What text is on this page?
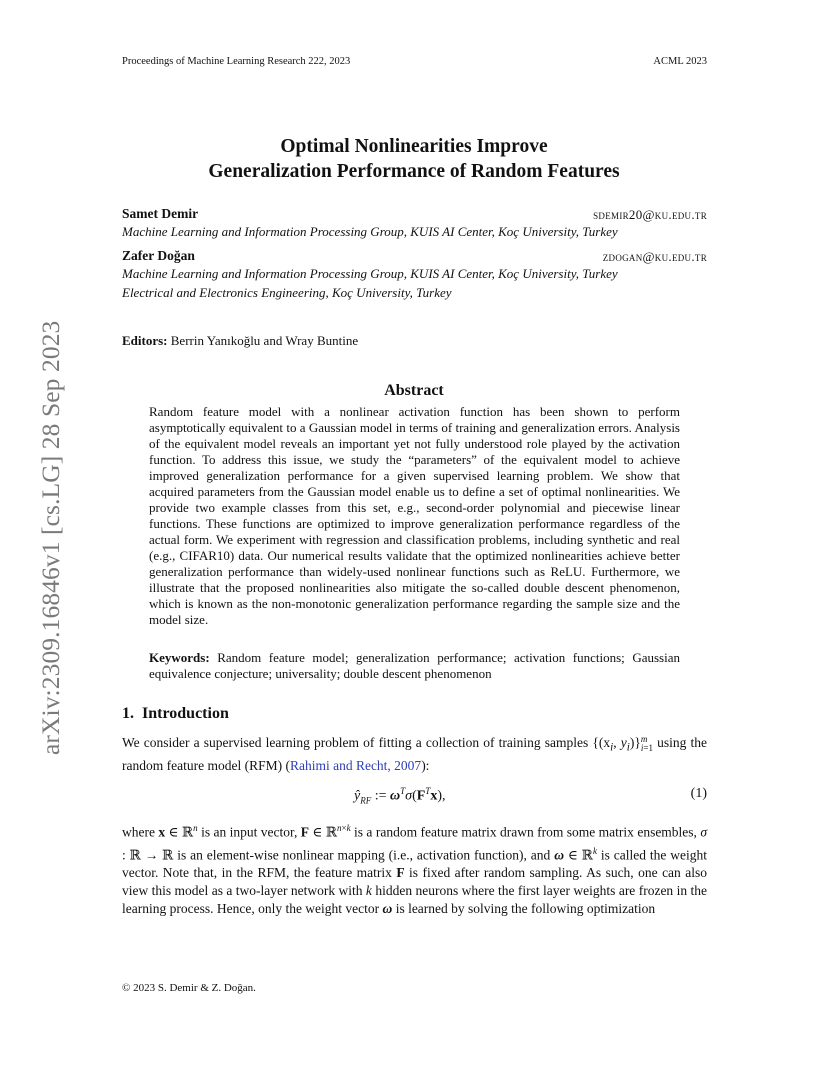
Proceedings of Machine Learning Research 222, 2023	ACML 2023
arXiv:2309.16846v1 [cs.LG] 28 Sep 2023
Optimal Nonlinearities Improve
Generalization Performance of Random Features
Samet Demir	sdemir20@ku.edu.tr
Machine Learning and Information Processing Group, KUIS AI Center, Koç University, Turkey
Zafer Doğan	zdogan@ku.edu.tr
Machine Learning and Information Processing Group, KUIS AI Center, Koç University, Turkey
Electrical and Electronics Engineering, Koç University, Turkey
Editors: Berrin Yanıkoğlu and Wray Buntine
Abstract
Random feature model with a nonlinear activation function has been shown to perform asymptotically equivalent to a Gaussian model in terms of training and generalization errors. Analysis of the equivalent model reveals an important yet not fully understood role played by the activation function. To address this issue, we study the “parameters” of the equivalent model to achieve improved generalization performance for a given supervised learning problem. We show that acquired parameters from the Gaussian model enable us to define a set of optimal nonlinearities. We provide two example classes from this set, e.g., second-order polynomial and piecewise linear functions. These functions are optimized to improve generalization performance regardless of the actual form. We experiment with regression and classification problems, including synthetic and real (e.g., CIFAR10) data. Our numerical results validate that the optimized nonlinearities achieve better generalization performance than widely-used nonlinear functions such as ReLU. Furthermore, we illustrate that the proposed nonlinearities also mitigate the so-called double descent phenomenon, which is known as the non-monotonic generalization performance regarding the sample size and the model size.
Keywords: Random feature model; generalization performance; activation functions; Gaussian equivalence conjecture; universality; double descent phenomenon
1. Introduction
We consider a supervised learning problem of fitting a collection of training samples {($x_i$, $y_i$)} m
i=1 using the random feature model (RFM) (Rahimi and Recht, 2007):
$ŷ_{RF}$ := $\omega^T\sigma(F^Tx)$,	(1)
where x ∈ ℝ$^n$ is an input vector, F ∈ ℝ$^{n\times k}$ is a random feature matrix drawn from some matrix ensembles, σ : ℝ → ℝ is an element-wise nonlinear mapping (i.e., activation function), and ω ∈ ℝ$^k$ is called the weight vector. Note that, in the RFM, the feature matrix F is fixed after random sampling. As such, one can also view this model as a two-layer network with k hidden neurons where the first layer weights are frozen in the learning process. Hence, only the weight vector ω is learned by solving the following optimization
© 2023 S. Demir & Z. Doğan.
